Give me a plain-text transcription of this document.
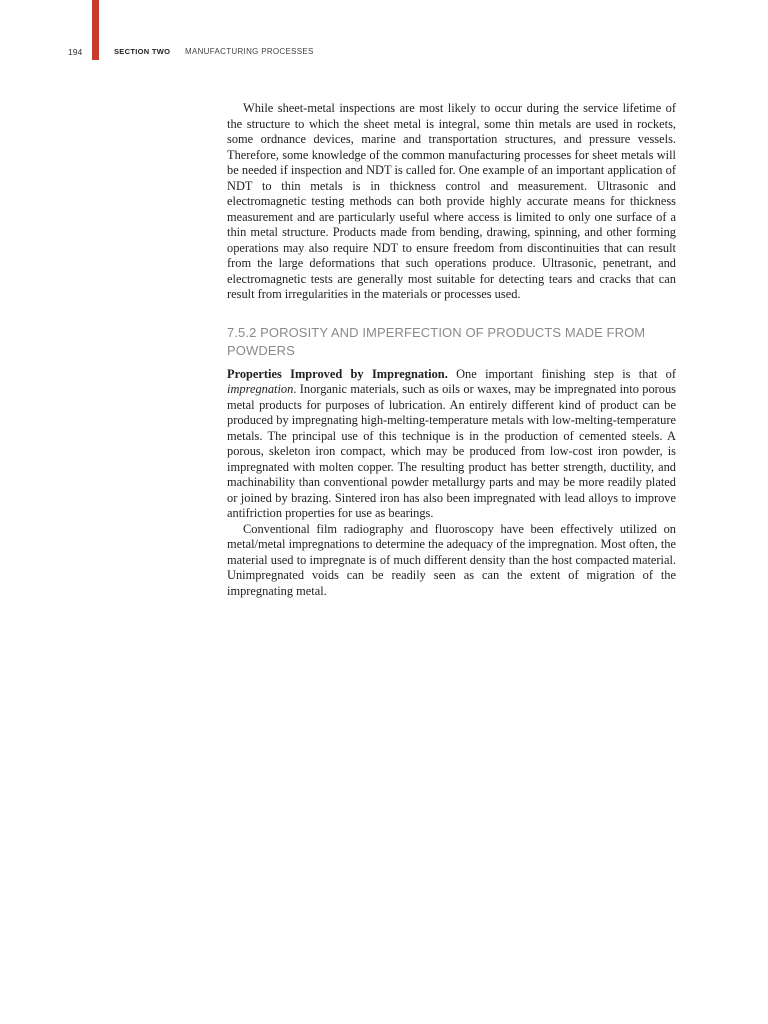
194	SECTION TWO MANUFACTURING PROCESSES

While sheet-metal inspections are most likely to occur during the service lifetime of the structure to which the sheet metal is integral, some thin metals are used in rockets, some ordnance devices, marine and transportation structures, and pressure vessels. Therefore, some knowledge of the common manufacturing processes for sheet metals will be needed if inspection and NDT is called for. One example of an important application of NDT to thin metals is in thickness control and measurement. Ultrasonic and electromagnetic testing methods can both provide highly accurate means for thickness measurement and are particularly useful where access is limited to only one surface of a thin metal structure. Products made from bending, drawing, spinning, and other forming operations may also require NDT to ensure freedom from discontinuities that can result from the large deformations that such operations produce. Ultrasonic, penetrant, and electromagnetic tests are generally most suitable for detecting tears and cracks that can result from irregularities in the materials or processes used.

7.5.2 POROSITY AND IMPERFECTION OF PRODUCTS MADE FROM POWDERS

Properties Improved by Impregnation. One important finishing step is that of impregnation. Inorganic materials, such as oils or waxes, may be impregnated into porous metal products for purposes of lubrication. An entirely different kind of product can be produced by impregnating high-melting-temperature metals with low-melting-temperature metals. The principal use of this technique is in the production of cemented steels. A porous, skeleton iron compact, which may be produced from low-cost iron powder, is impregnated with molten copper. The resulting product has better strength, ductility, and machinability than conventional powder metallurgy parts and may be more readily plated or joined by brazing. Sintered iron has also been impregnated with lead alloys to improve antifriction properties for use as bearings.

Conventional film radiography and fluoroscopy have been effectively utilized on metal/metal impregnations to determine the adequacy of the impregnation. Most often, the material used to impregnate is of much different density than the host compacted material. Unimpregnated voids can be readily seen as can the extent of migration of the impregnating metal.
